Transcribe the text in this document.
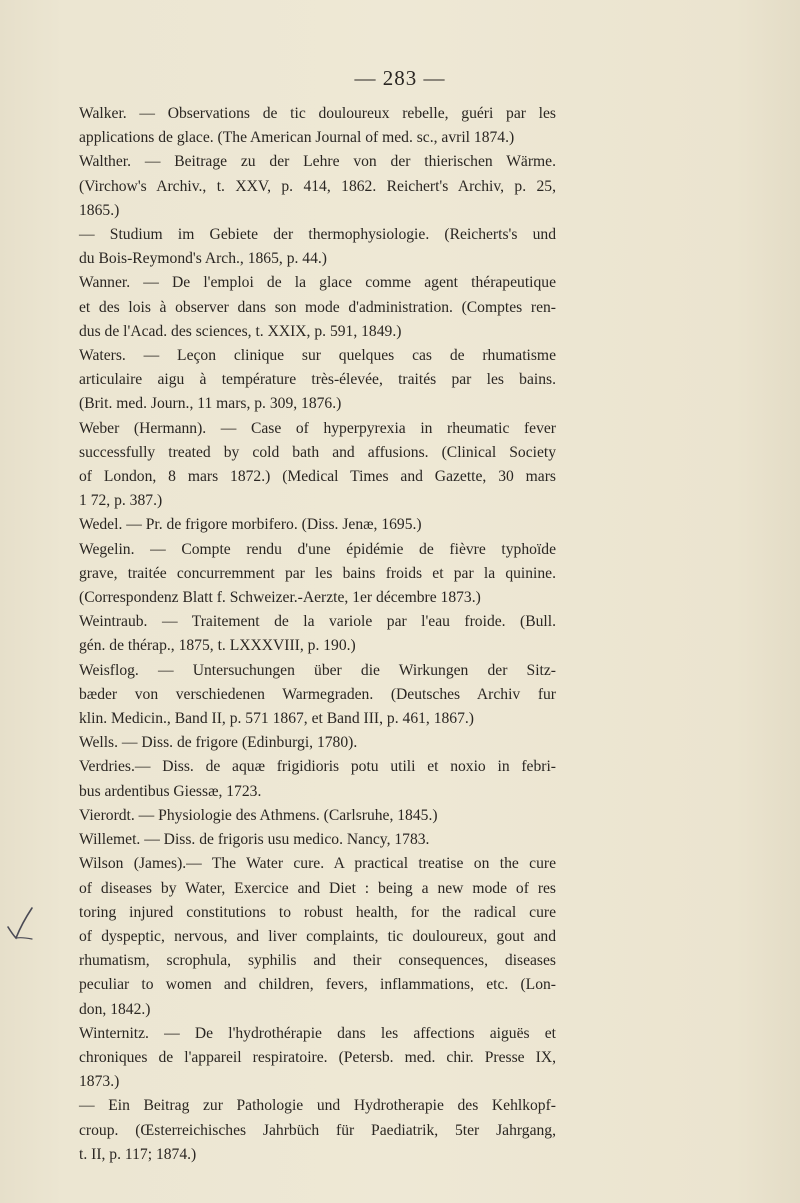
— 283 —
Walker. — Observations de tic douloureux rebelle, guéri par les
applications de glace. (The American Journal of med. sc., avril 1874.)
Walther. — Beitrage zu der Lehre von der thierischen Wärme.
(Virchow's Archiv., t. XXV, p. 414, 1862. Reichert's Archiv, p. 25,
1865.)
— Studium im Gebiete der thermophysiologie. (Reicherts's und
du Bois-Reymond's Arch., 1865, p. 44.)
Wanner. — De l'emploi de la glace comme agent thérapeutique
et des lois à observer dans son mode d'administration. (Comptes ren-
dus de l'Acad. des sciences, t. XXIX, p. 591, 1849.)
Waters. — Leçon clinique sur quelques cas de rhumatisme
articulaire aigu à température très-élevée, traités par les bains.
(Brit. med. Journ., 11 mars, p. 309, 1876.)
Weber (Hermann). — Case of hyperpyrexia in rheumatic fever
successfully treated by cold bath and affusions. (Clinical Society
of London, 8 mars 1872.) (Medical Times and Gazette, 30 mars
1 72, p. 387.)
Wedel. — Pr. de frigore morbifero. (Diss. Jenæ, 1695.)
Wegelin. — Compte rendu d'une épidémie de fièvre typhoïde
grave, traitée concurremment par les bains froids et par la quinine.
(Correspondenz Blatt f. Schweizer.-Aerzte, 1er décembre 1873.)
Weintraub. — Traitement de la variole par l'eau froide. (Bull.
gén. de thérap., 1875, t. LXXXVIII, p. 190.)
Weisflog. — Untersuchungen über die Wirkungen der Sitz-
bæder von verschiedenen Warmegraden. (Deutsches Archiv fur
klin. Medicin., Band II, p. 571 1867, et Band III, p. 461, 1867.)
Wells. — Diss. de frigore (Edinburgi, 1780).
Verdries.— Diss. de aquæ frigidioris potu utili et noxio in febri-
bus ardentibus Giessæ, 1723.
Vierordt. — Physiologie des Athmens. (Carlsruhe, 1845.)
Willemet. — Diss. de frigoris usu medico. Nancy, 1783.
Wilson (James).— The Water cure. A practical treatise on the cure
of diseases by Water, Exercice and Diet : being a new mode of res
toring injured constitutions to robust health, for the radical cure
of dyspeptic, nervous, and liver complaints, tic douloureux, gout and
rhumatism, scrophula, syphilis and their consequences, diseases
peculiar to women and children, fevers, inflammations, etc. (Lon-
don, 1842.)
Winternitz. — De l'hydrothérapie dans les affections aiguës et
chroniques de l'appareil respiratoire. (Petersb. med. chir. Presse IX,
1873.)
— Ein Beitrag zur Pathologie und Hydrotherapie des Kehlkopf-
croup. (Œsterreichisches Jahrbüch für Paediatrik, 5ter Jahrgang,
t. II, p. 117; 1874.)
